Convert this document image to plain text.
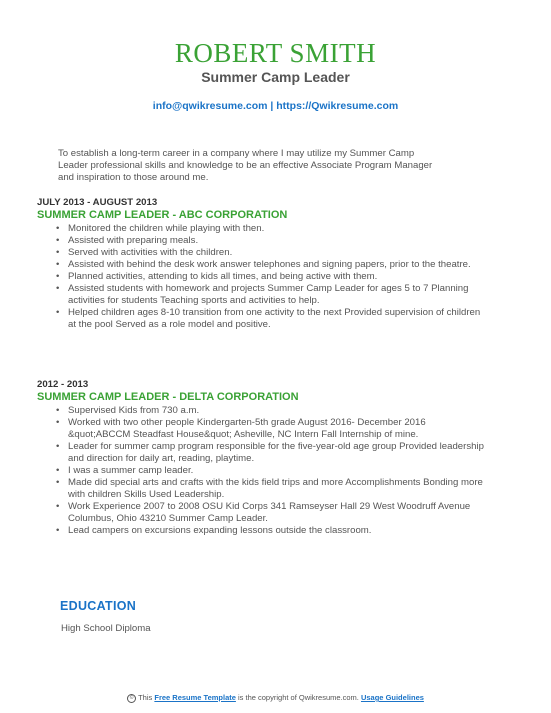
ROBERT SMITH
Summer Camp Leader
info@qwikresume.com | https://Qwikresume.com
To establish a long-term career in a company where I may utilize my Summer Camp Leader professional skills and knowledge to be an effective Associate Program Manager and inspiration to those around me.
JULY 2013 - AUGUST 2013
SUMMER CAMP LEADER - ABC CORPORATION
• Monitored the children while playing with then.
• Assisted with preparing meals.
• Served with activities with the children.
• Assisted with behind the desk work answer telephones and signing papers, prior to the theatre.
• Planned activities, attending to kids all times, and being active with them.
• Assisted students with homework and projects Summer Camp Leader for ages 5 to 7 Planning activities for students Teaching sports and activities to help.
• Helped children ages 8-10 transition from one activity to the next Provided supervision of children at the pool Served as a role model and positive.
2012 - 2013
SUMMER CAMP LEADER - DELTA CORPORATION
• Supervised Kids from 730 a.m.
• Worked with two other people Kindergarten-5th grade August 2016- December 2016 &quot;ABCCM Steadfast House&quot; Asheville, NC Intern Fall Internship of mine.
• Leader for summer camp program responsible for the five-year-old age group Provided leadership and direction for daily art, reading, playtime.
• I was a summer camp leader.
• Made did special arts and crafts with the kids field trips and more Accomplishments Bonding more with children Skills Used Leadership.
• Work Experience 2007 to 2008 OSU Kid Corps 341 Ramseyser Hall 29 West Woodruff Avenue Columbus, Ohio 43210 Summer Camp Leader.
• Lead campers on excursions expanding lessons outside the classroom.
EDUCATION
High School Diploma
© This Free Resume Template is the copyright of Qwikresume.com. Usage Guidelines
